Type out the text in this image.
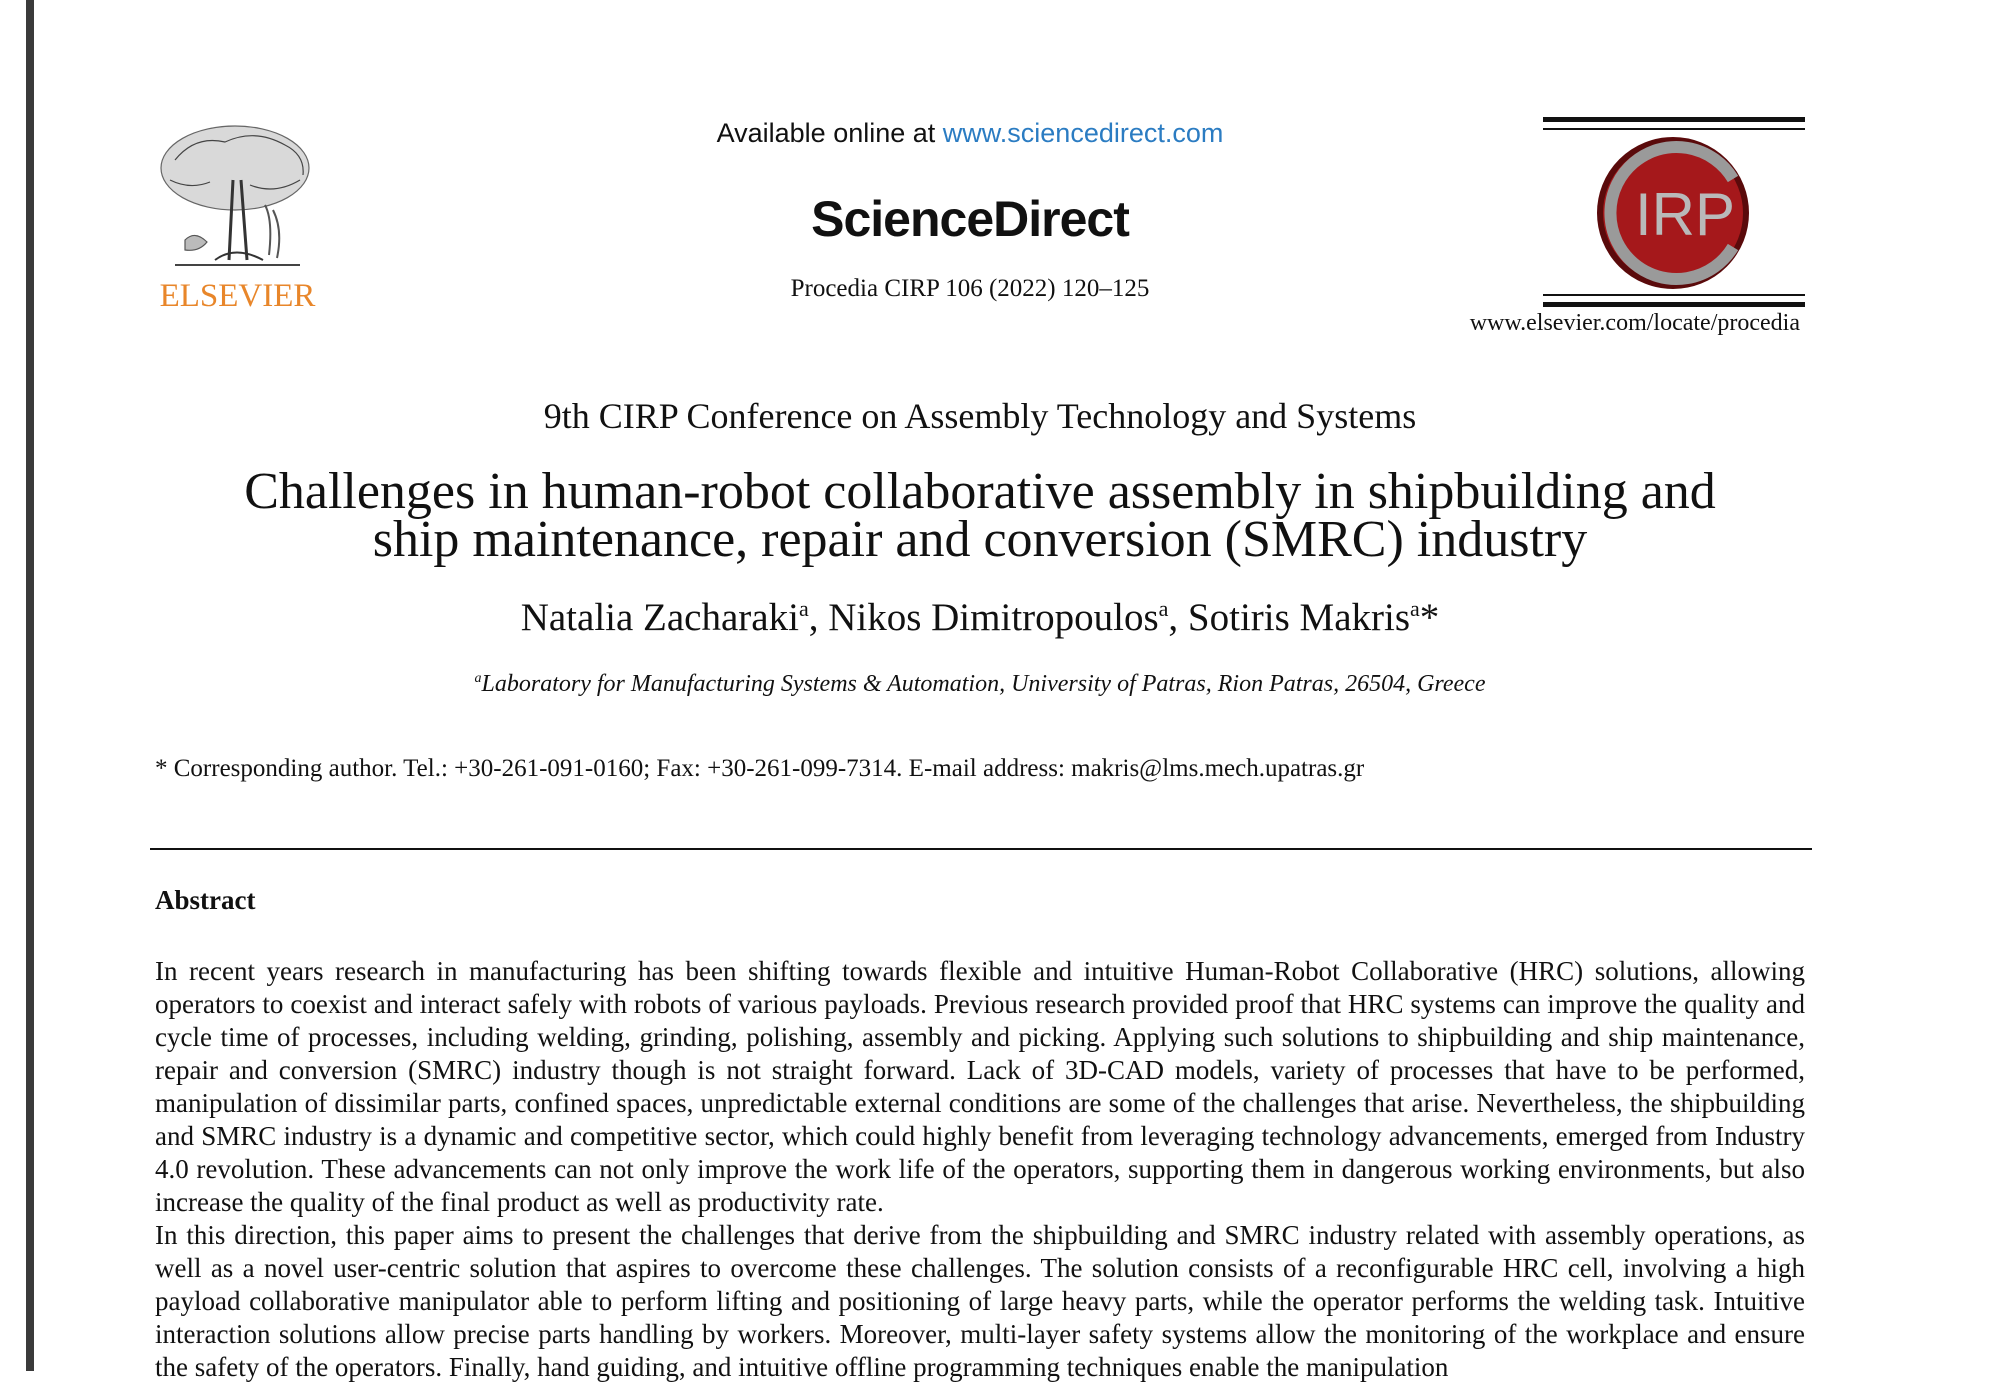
ELSEVIER
Available online at www.sciencedirect.com
ScienceDirect
Procedia CIRP 106 (2022) 120–125
IRP
www.elsevier.com/locate/procedia
9th CIRP Conference on Assembly Technology and Systems
Challenges in human-robot collaborative assembly in shipbuilding and
ship maintenance, repair and conversion (SMRC) industry
Natalia Zacharaki$^a$, Nikos Dimitropoulos$^a$, Sotiris Makris$^a$*
$^a$Laboratory for Manufacturing Systems & Automation, University of Patras, Rion Patras, 26504, Greece
* Corresponding author. Tel.: +30-261-091-0160; Fax: +30-261-099-7314. E-mail address: makris@lms.mech.upatras.gr
Abstract

In recent years research in manufacturing has been shifting towards flexible and intuitive Human-Robot Collaborative (HRC) solutions, allowing operators to coexist and interact safely with robots of various payloads. Previous research provided proof that HRC systems can improve the quality and cycle time of processes, including welding, grinding, polishing, assembly and picking. Applying such solutions to shipbuilding and ship maintenance, repair and conversion (SMRC) industry though is not straight forward. Lack of 3D-CAD models, variety of processes that have to be performed, manipulation of dissimilar parts, confined spaces, unpredictable external conditions are some of the challenges that arise. Nevertheless, the shipbuilding and SMRC industry is a dynamic and competitive sector, which could highly benefit from leveraging technology advancements, emerged from Industry 4.0 revolution. These advancements can not only improve the work life of the operators, supporting them in dangerous working environments, but also increase the quality of the final product as well as productivity rate.

In this direction, this paper aims to present the challenges that derive from the shipbuilding and SMRC industry related with assembly operations, as well as a novel user-centric solution that aspires to overcome these challenges. The solution consists of a reconfigurable HRC cell, involving a high payload collaborative manipulator able to perform lifting and positioning of large heavy parts, while the operator performs the welding task. Intuitive interaction solutions allow precise parts handling by workers. Moreover, multi-layer safety systems allow the monitoring of the workplace and ensure the safety of the operators. Finally, hand guiding, and intuitive offline programming techniques enable the manipulation
